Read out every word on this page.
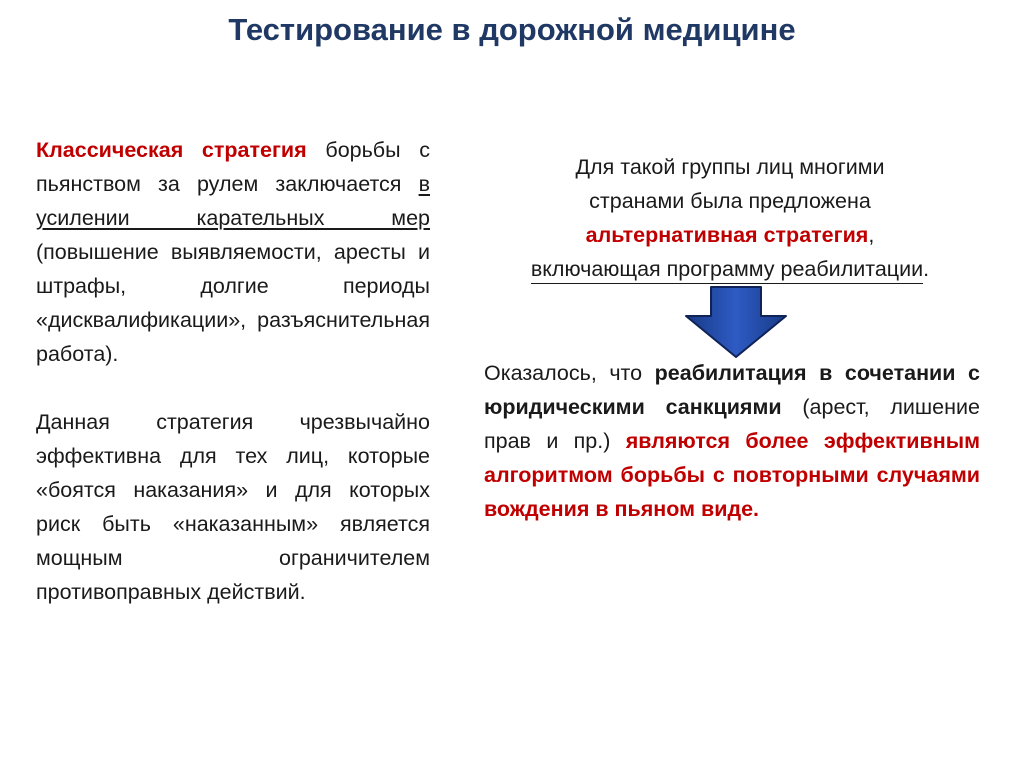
Тестирование в дорожной медицине

Классическая стратегия борьбы с пьянством за рулем заключается в усилении карательных мер (повышение выявляемости, аресты и штрафы, долгие периоды «дисквалификации», разъяснительная работа).

Данная стратегия чрезвычайно эффективна для тех лиц, которые «боятся наказания» и для которых риск быть «наказанным» является мощным ограничителем противоправных действий.

Для такой группы лиц многими

странами была предложена

альтернативная стратегия,

включающая программу реабилитации.

Оказалось, что реабилитация в сочетании с юридическими санкциями (арест, лишение прав и пр.) являются более эффективным алгоритмом борьбы с повторными случаями вождения в пьяном виде.
